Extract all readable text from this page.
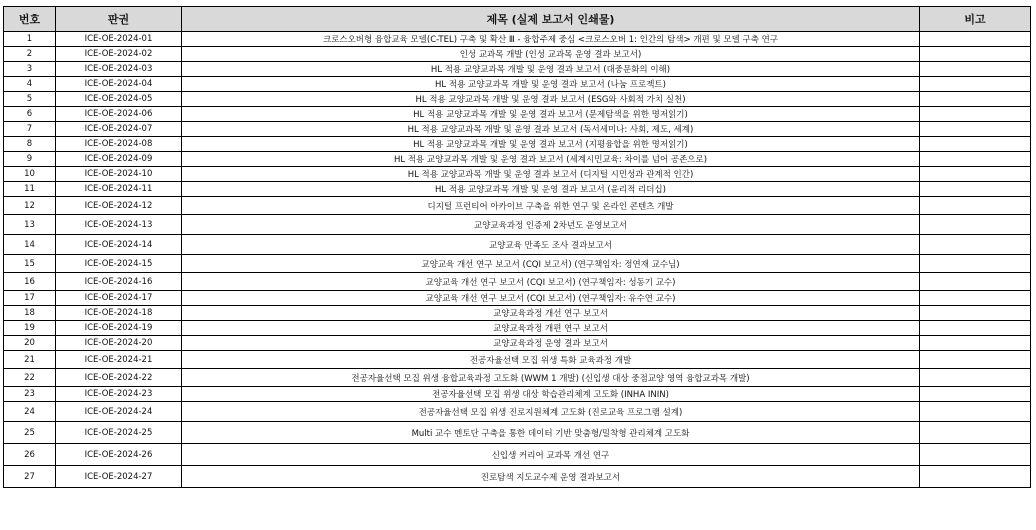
번호	판권	제목 (실제 보고서 인쇄물)	비고
1	ICE-OE-2024-01	크로스오버형 융합교육 모델(C-TEL) 구축 및 확산 Ⅲ - 융합주제 중심 <크로스오버 1: 인간의 탐색> 개편 및 모델 구축 연구	
2	ICE-OE-2024-02	인성 교과목 개발 (인성 교과목 운영 결과 보고서)	
3	ICE-OE-2024-03	HL 적용 교양교과목 개발 및 운영 결과 보고서 (대중문화의 이해)	
4	ICE-OE-2024-04	HL 적용 교양교과목 개발 및 운영 결과 보고서 (나눔 프로젝트)	
5	ICE-OE-2024-05	HL 적용 교양교과목 개발 및 운영 결과 보고서 (ESG와 사회적 가치 실천)	
6	ICE-OE-2024-06	HL 적용 교양교과목 개발 및 운영 결과 보고서 (문제탐색을 위한 명저읽기)	
7	ICE-OE-2024-07	HL 적용 교양교과목 개발 및 운영 결과 보고서 (독서세미나: 사회, 제도, 세계)	
8	ICE-OE-2024-08	HL 적용 교양교과목 개발 및 운영 결과 보고서 (지평융합을 위한 명저읽기)	
9	ICE-OE-2024-09	HL 적용 교양교과목 개발 및 운영 결과 보고서 (세계시민교육: 차이를 넘어 공존으로)	
10	ICE-OE-2024-10	HL 적용 교양교과목 개발 및 운영 결과 보고서 (디지털 시민성과 관계적 인간)	
11	ICE-OE-2024-11	HL 적용 교양교과목 개발 및 운영 결과 보고서 (윤리적 리더십)	
12	ICE-OE-2024-12	디지털 프런티어 아카이브 구축을 위한 연구 및 온라인 콘텐츠 개발	
13	ICE-OE-2024-13	교양교육과정 인증제 2차년도 운영보고서	
14	ICE-OE-2024-14	교양교육 만족도 조사 결과보고서	
15	ICE-OE-2024-15	교양교육 개선 연구 보고서 (CQI 보고서) (연구책임자: 정연재 교수님)	
16	ICE-OE-2024-16	교양교육 개선 연구 보고서 (CQI 보고서) (연구책임자: 성동기 교수)	
17	ICE-OE-2024-17	교양교육 개선 연구 보고서 (CQI 보고서) (연구책임자: 유수연 교수)	
18	ICE-OE-2024-18	교양교육과정 개선 연구 보고서	
19	ICE-OE-2024-19	교양교육과정 개편 연구 보고서	
20	ICE-OE-2024-20	교양교육과정 운영 결과 보고서	
21	ICE-OE-2024-21	전공자율선택 모집 위생 특화 교육과정 개발	
22	ICE-OE-2024-22	전공자율선택 모집 위생 융합교육과정 고도화 (WWM 1 개발) (신입생 대상 중점교양 영역 융합교과목 개발)	
23	ICE-OE-2024-23	전공자율선택 모집 위생 대상 학습관리체계 고도화 (INHA ININ)	
24	ICE-OE-2024-24	전공자율선택 모집 위생 진로지원체계 고도화 (진로교육 프로그램 설계)	
25	ICE-OE-2024-25	Multi 교수 멘토단 구축을 통한 데이터 기반 맞춤형/밀착형 관리체계 고도화	
26	ICE-OE-2024-26	신입생 커리어 교과목 개선 연구	
27	ICE-OE-2024-27	진로탐색 지도교수제 운영 결과보고서	
